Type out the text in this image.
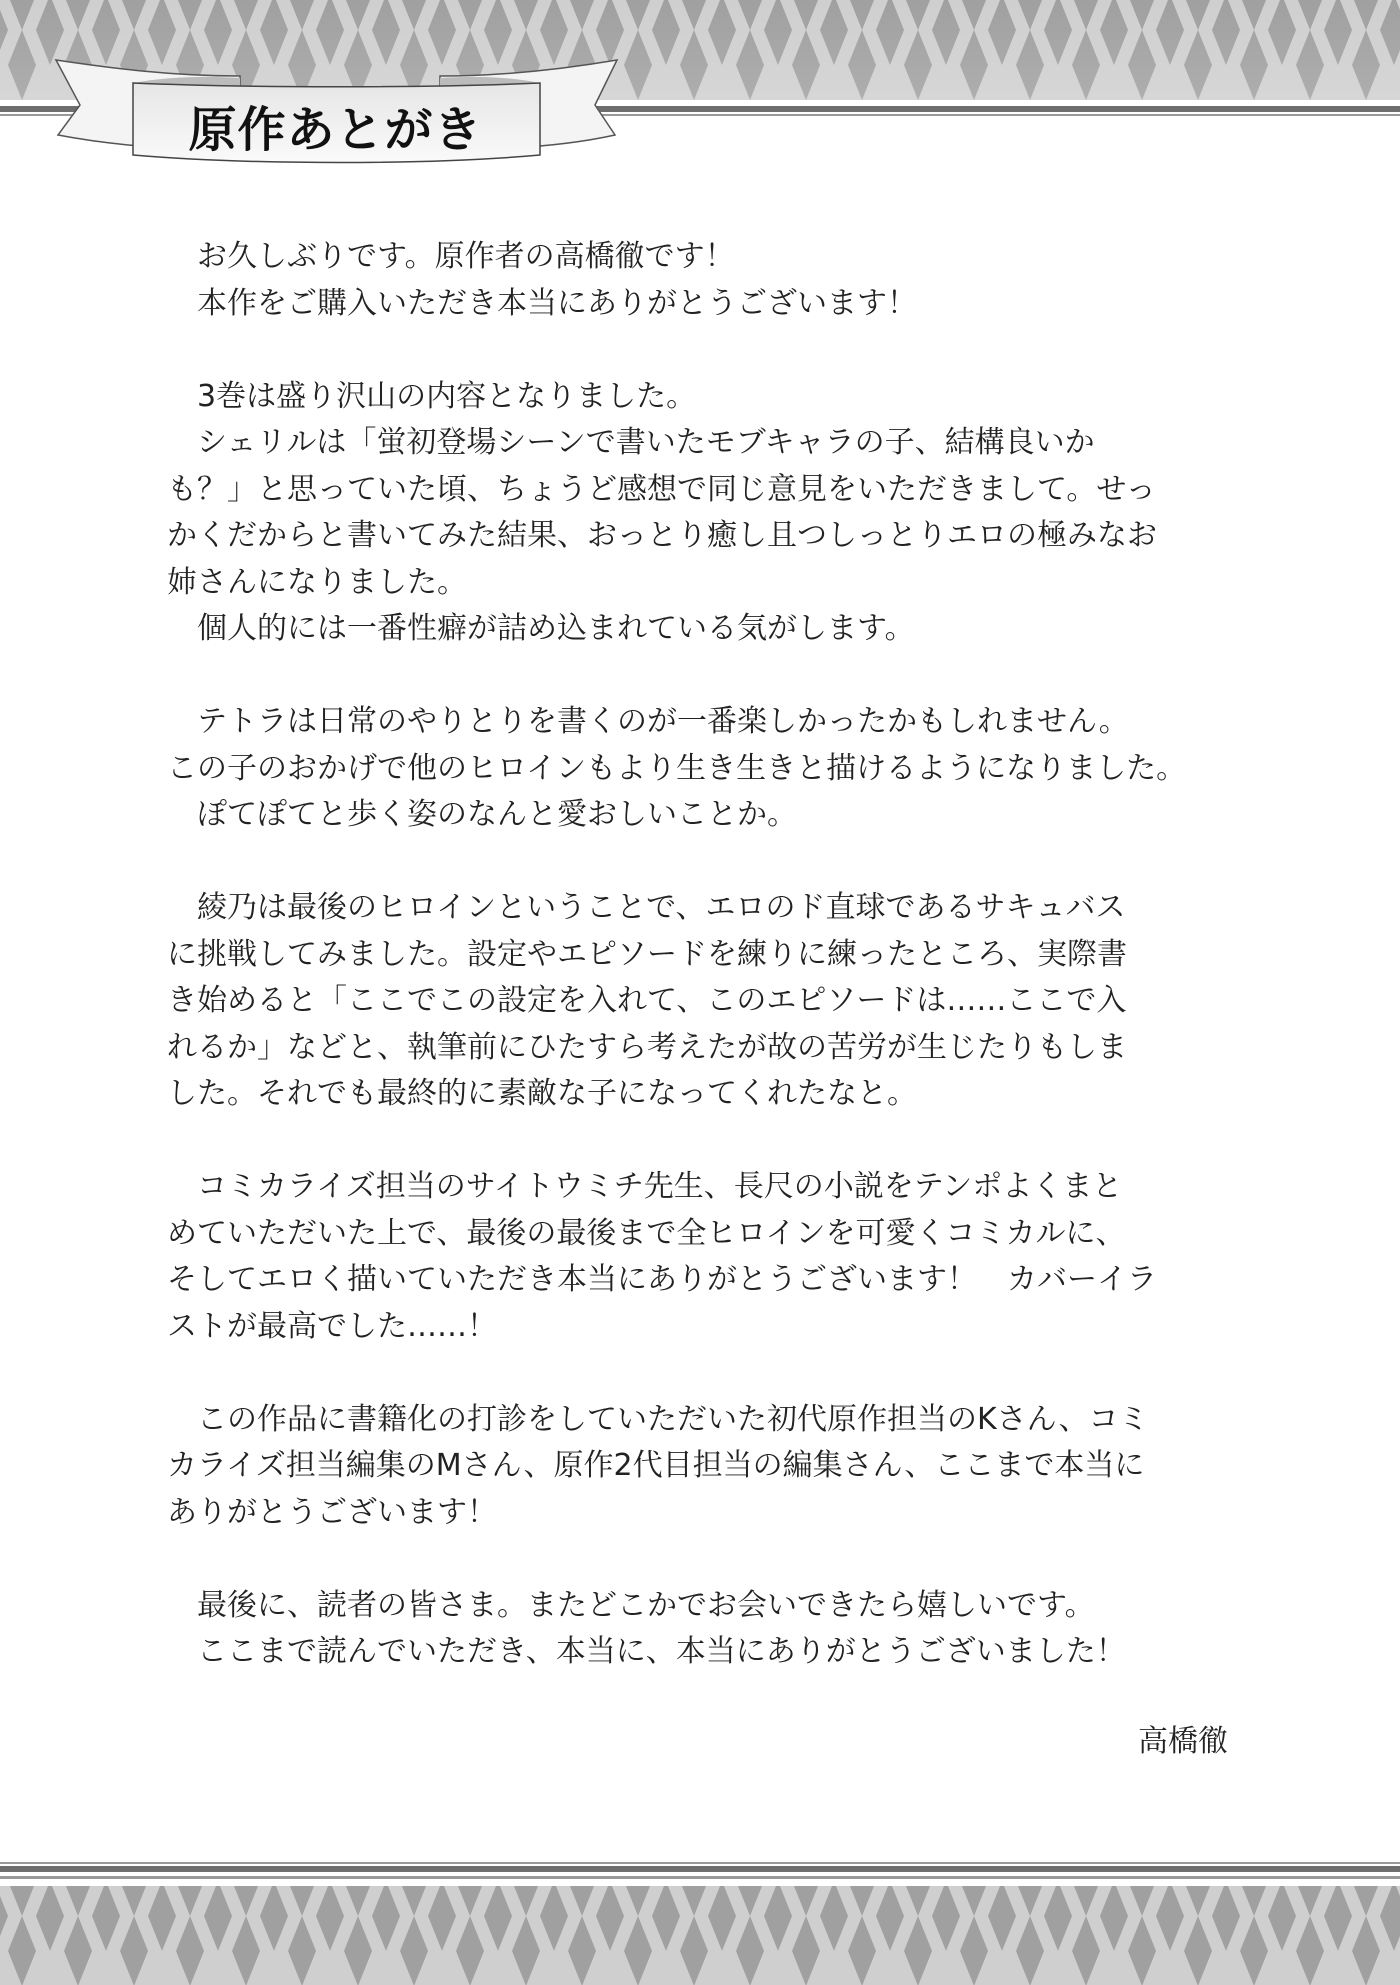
原作あとがき
　お久しぶりです。原作者の高橋徹です！
　本作をご購入いただき本当にありがとうございます！
　3巻は盛り沢山の内容となりました。
　シェリルは「蛍初登場シーンで書いたモブキャラの子、結構良いか
も？」と思っていた頃、ちょうど感想で同じ意見をいただきまして。せっ
かくだからと書いてみた結果、おっとり癒し且つしっとりエロの極みなお
姉さんになりました。
　個人的には一番性癖が詰め込まれている気がします。
　テトラは日常のやりとりを書くのが一番楽しかったかもしれません。
この子のおかげで他のヒロインもより生き生きと描けるようになりました。
　ぽてぽてと歩く姿のなんと愛おしいことか。
　綾乃は最後のヒロインということで、エロのド直球であるサキュバス
に挑戦してみました。設定やエピソードを練りに練ったところ、実際書
き始めると「ここでこの設定を入れて、このエピソードは……ここで入
れるか」などと、執筆前にひたすら考えたが故の苦労が生じたりもしま
した。それでも最終的に素敵な子になってくれたなと。
　コミカライズ担当のサイトウミチ先生、長尺の小説をテンポよくまと
めていただいた上で、最後の最後まで全ヒロインを可愛くコミカルに、
そしてエロく描いていただき本当にありがとうございます！　カバーイラ
ストが最高でした……！
　この作品に書籍化の打診をしていただいた初代原作担当のKさん、コミ
カライズ担当編集のMさん、原作2代目担当の編集さん、ここまで本当に
ありがとうございます！
　最後に、読者の皆さま。またどこかでお会いできたら嬉しいです。
　ここまで読んでいただき、本当に、本当にありがとうございました！
高橋徹
